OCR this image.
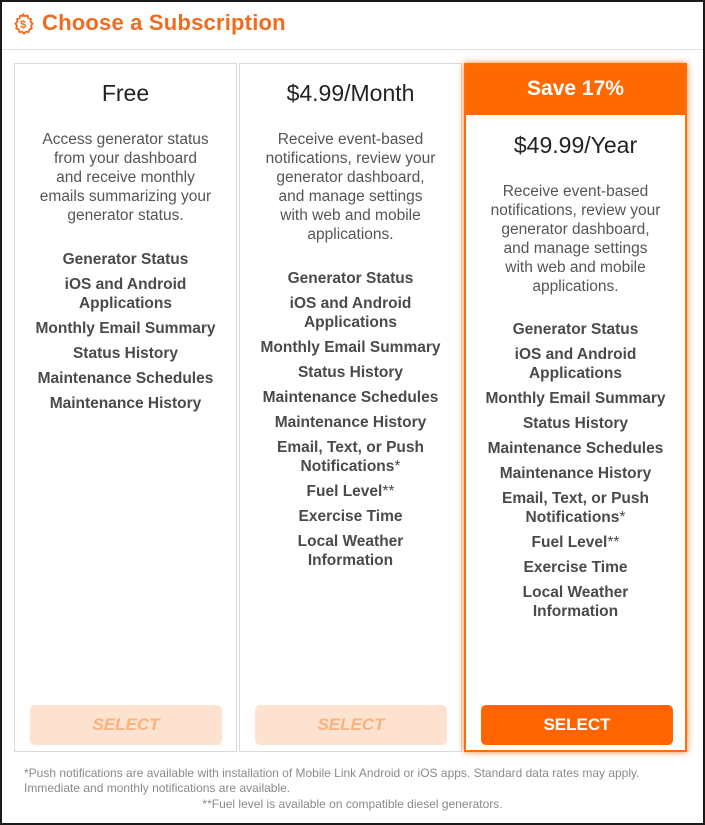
$ Choose a Subscription
Free
Access generator status from your dashboard and receive monthly emails summarizing your generator status.
Generator Status
iOS and Android Applications
Monthly Email Summary
Status History
Maintenance Schedules
Maintenance History
SELECT
$4.99/Month
Receive event-based notifications, review your generator dashboard, and manage settings with web and mobile applications.
Generator Status
iOS and Android Applications
Monthly Email Summary
Status History
Maintenance Schedules
Maintenance History
Email, Text, or Push Notifications*
Fuel Level**
Exercise Time
Local Weather Information
SELECT
Save 17%
$49.99/Year
Receive event-based notifications, review your generator dashboard, and manage settings with web and mobile applications.
Generator Status
iOS and Android Applications
Monthly Email Summary
Status History
Maintenance Schedules
Maintenance History
Email, Text, or Push Notifications*
Fuel Level**
Exercise Time
Local Weather Information
SELECT
*Push notifications are available with installation of Mobile Link Android or iOS apps. Standard data rates may apply. Immediate and monthly notifications are available.
**Fuel level is available on compatible diesel generators.
